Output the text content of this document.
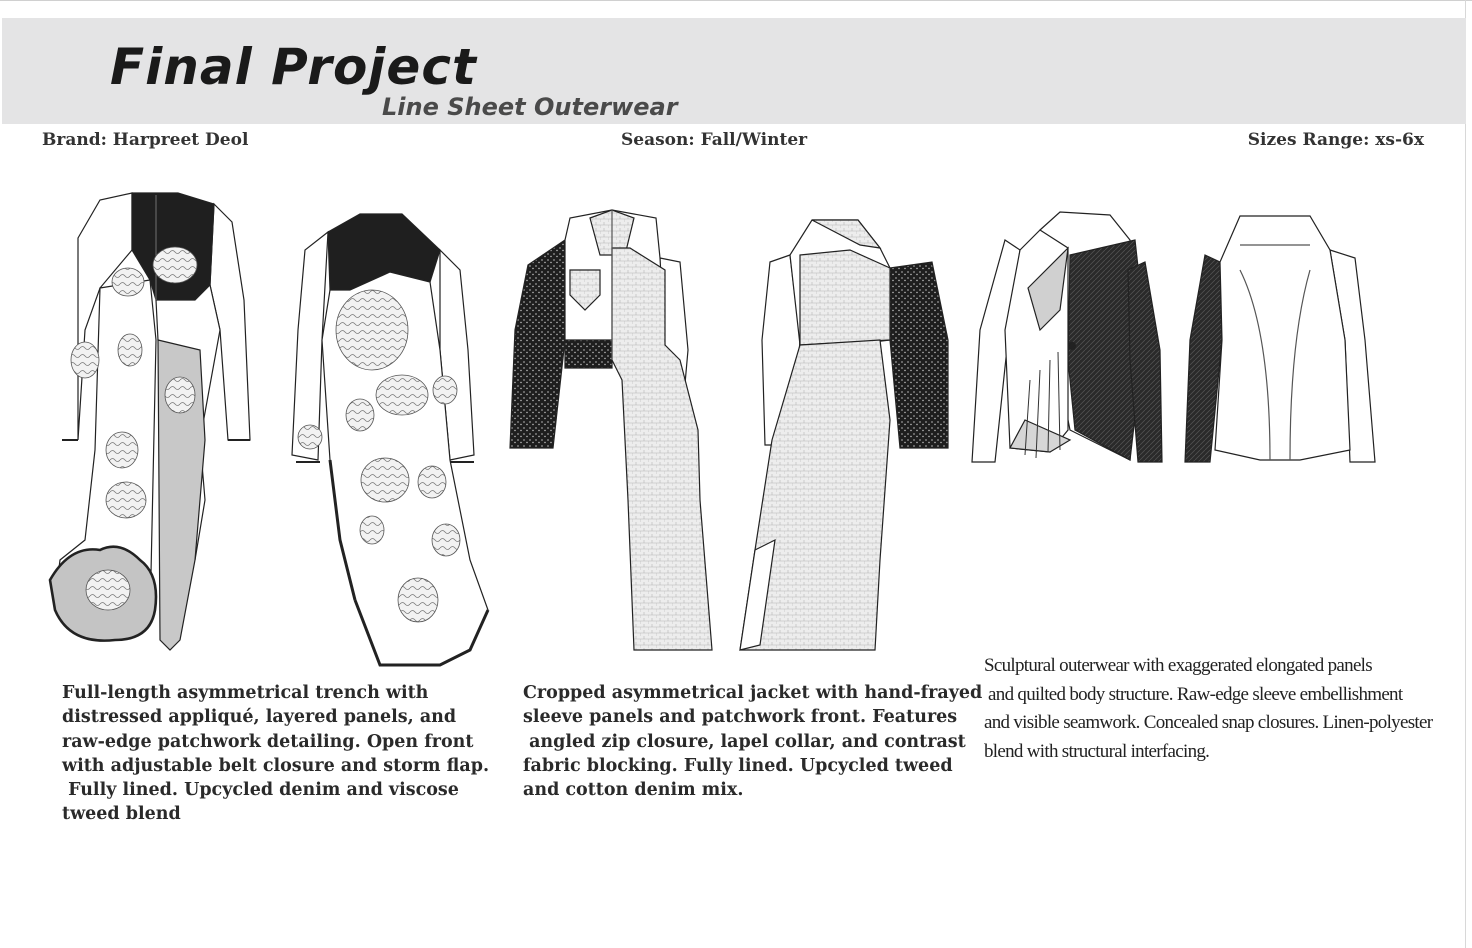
Final Project
Line Sheet Outerwear
Brand: Harpreet Deol	Season: Fall/Winter	Sizes Range: xs-6x

Full-length asymmetrical trench with
distressed appliqué, layered panels, and
raw-edge patchwork detailing. Open front
with adjustable belt closure and storm flap.
Fully lined. Upcycled denim and viscose
tweed blend

Cropped asymmetrical jacket with hand-frayed
sleeve panels and patchwork front. Features
angled zip closure, lapel collar, and contrast
fabric blocking. Fully lined. Upcycled tweed
and cotton denim mix.

Sculptural outerwear with exaggerated elongated panels
and quilted body structure. Raw-edge sleeve embellishment
and visible seamwork. Concealed snap closures. Linen-polyester
blend with structural interfacing.
